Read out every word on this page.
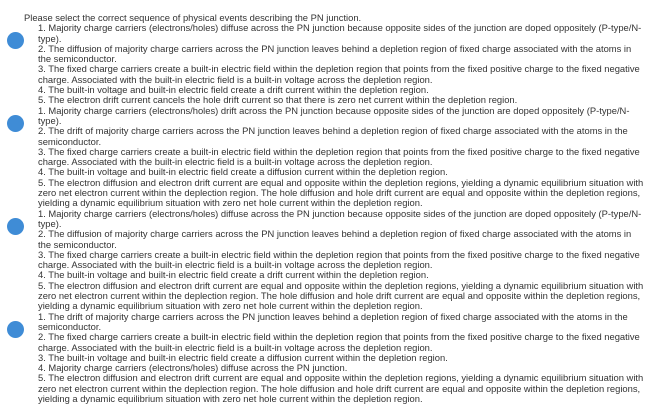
Please select the correct sequence of physical events describing the PN junction.
1. Majority charge carriers (electrons/holes) diffuse across the PN junction because opposite sides of the junction are doped oppositely (P-type/N-type).
2. The diffusion of majority charge carriers across the PN junction leaves behind a depletion region of fixed charge associated with the atoms in the semiconductor.
3. The fixed charge carriers create a built-in electric field within the depletion region that points from the fixed positive charge to the fixed negative charge. Associated with the built-in electric field is a built-in voltage across the depletion region.
4. The built-in voltage and built-in electric field create a drift current within the depletion region.
5. The electron drift current cancels the hole drift current so that there is zero net current within the depletion region.
1. Majority charge carriers (electrons/holes) drift across the PN junction because opposite sides of the junction are doped oppositely (P-type/N-type).
2. The drift of majority charge carriers across the PN junction leaves behind a depletion region of fixed charge associated with the atoms in the semiconductor.
3. The fixed charge carriers create a built-in electric field within the depletion region that points from the fixed positive charge to the fixed negative charge. Associated with the built-in electric field is a built-in voltage across the depletion region.
4. The built-in voltage and built-in electric field create a diffusion current within the depletion region.
5. The electron diffusion and electron drift current are equal and opposite within the depletion regions, yielding a dynamic equilibrium situation with zero net electron current within the deplection region. The hole diffusion and hole drift current are equal and opposite within the depletion regions, yielding a dynamic equilibrium situation with zero net hole current within the depletion region.
1. Majority charge carriers (electrons/holes) diffuse across the PN junction because opposite sides of the junction are doped oppositely (P-type/N-type).
2. The diffusion of majority charge carriers across the PN junction leaves behind a depletion region of fixed charge associated with the atoms in the semiconductor.
3. The fixed charge carriers create a built-in electric field within the depletion region that points from the fixed positive charge to the fixed negative charge. Associated with the built-in electric field is a built-in voltage across the depletion region.
4. The built-in voltage and built-in electric field create a drift current within the depletion region.
5. The electron diffusion and electron drift current are equal and opposite within the depletion regions, yielding a dynamic equilibrium situation with zero net electron current within the deplection region. The hole diffusion and hole drift current are equal and opposite within the depletion regions, yielding a dynamic equilibrium situation with zero net hole current within the depletion region.
1. The drift of majority charge carriers across the PN junction leaves behind a depletion region of fixed charge associated with the atoms in the semiconductor.
2. The fixed charge carriers create a built-in electric field within the depletion region that points from the fixed positive charge to the fixed negative charge. Associated with the built-in electric field is a built-in voltage across the depletion region.
3. The built-in voltage and built-in electric field create a diffusion current within the depletion region.
4. Majority charge carriers (electrons/holes) diffuse across the PN junction.
5. The electron diffusion and electron drift current are equal and opposite within the depletion regions, yielding a dynamic equilibrium situation with zero net electron current within the deplection region. The hole diffusion and hole drift current are equal and opposite within the depletion regions, yielding a dynamic equilibrium situation with zero net hole current within the depletion region.
